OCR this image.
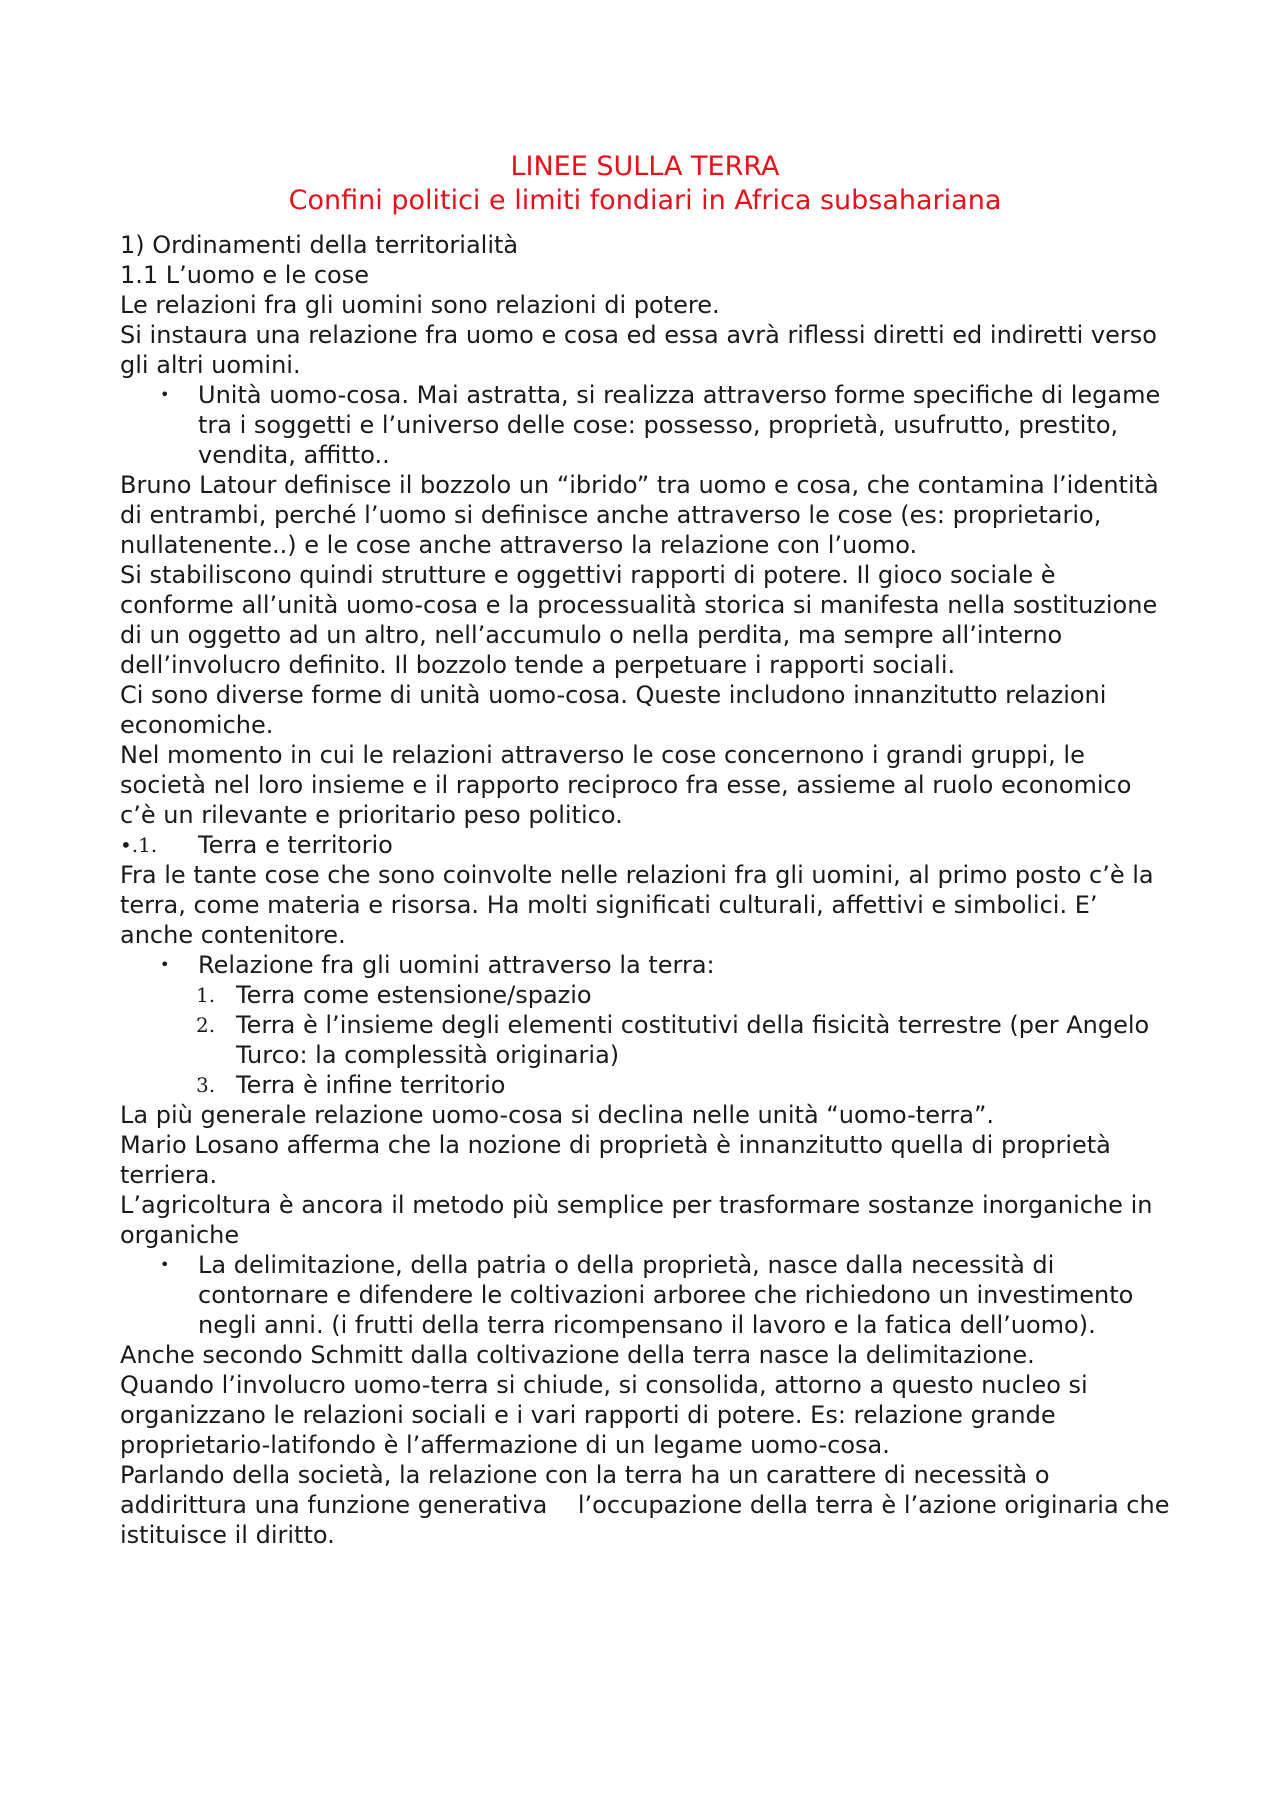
LINEE SULLA TERRA
Confini politici e limiti fondiari in Africa subsahariana

1) Ordinamenti della territorialità

1.1 L’uomo e le cose

Le relazioni fra gli uomini sono relazioni di potere.

Si instaura una relazione fra uomo e cosa ed essa avrà riflessi diretti ed indiretti verso gli altri uomini.

• Unità uomo-cosa. Mai astratta, si realizza attraverso forme specifiche di legame tra i soggetti e l’universo delle cose: possesso, proprietà, usufrutto, prestito, vendita, affitto..

Bruno Latour definisce il bozzolo un “ibrido” tra uomo e cosa, che contamina l’identità di entrambi, perché l’uomo si definisce anche attraverso le cose (es: proprietario, nullatenente..) e le cose anche attraverso la relazione con l’uomo.

Si stabiliscono quindi strutture e oggettivi rapporti di potere. Il gioco sociale è conforme all’unità uomo-cosa e la processualità storica si manifesta nella sostituzione di un oggetto ad un altro, nell’accumulo o nella perdita, ma sempre all’interno dell’involucro definito. Il bozzolo tende a perpetuare i rapporti sociali.

Ci sono diverse forme di unità uomo-cosa. Queste includono innanzitutto relazioni economiche.

Nel momento in cui le relazioni attraverso le cose concernono i grandi gruppi, le società nel loro insieme e il rapporto reciproco fra esse, assieme al ruolo economico c’è un rilevante e prioritario peso politico.

•.1. Terra e territorio

Fra le tante cose che sono coinvolte nelle relazioni fra gli uomini, al primo posto c’è la terra, come materia e risorsa. Ha molti significati culturali, affettivi e simbolici. E’ anche contenitore.

• Relazione fra gli uomini attraverso la terra:
1. Terra come estensione/spazio
2. Terra è l’insieme degli elementi costitutivi della fisicità terrestre (per Angelo Turco: la complessità originaria)
3. Terra è infine territorio

La più generale relazione uomo-cosa si declina nelle unità “uomo-terra”.

Mario Losano afferma che la nozione di proprietà è innanzitutto quella di proprietà terriera.

L’agricoltura è ancora il metodo più semplice per trasformare sostanze inorganiche in organiche

• La delimitazione, della patria o della proprietà, nasce dalla necessità di contornare e difendere le coltivazioni arboree che richiedono un investimento negli anni. (i frutti della terra ricompensano il lavoro e la fatica dell’uomo).

Anche secondo Schmitt dalla coltivazione della terra nasce la delimitazione.

Quando l’involucro uomo-terra si chiude, si consolida, attorno a questo nucleo si organizzano le relazioni sociali e i vari rapporti di potere. Es: relazione grande proprietario-latifondo è l’affermazione di un legame uomo-cosa.

Parlando della società, la relazione con la terra ha un carattere di necessità o addirittura una funzione generativa    l’occupazione della terra è l’azione originaria che istituisce il diritto.
